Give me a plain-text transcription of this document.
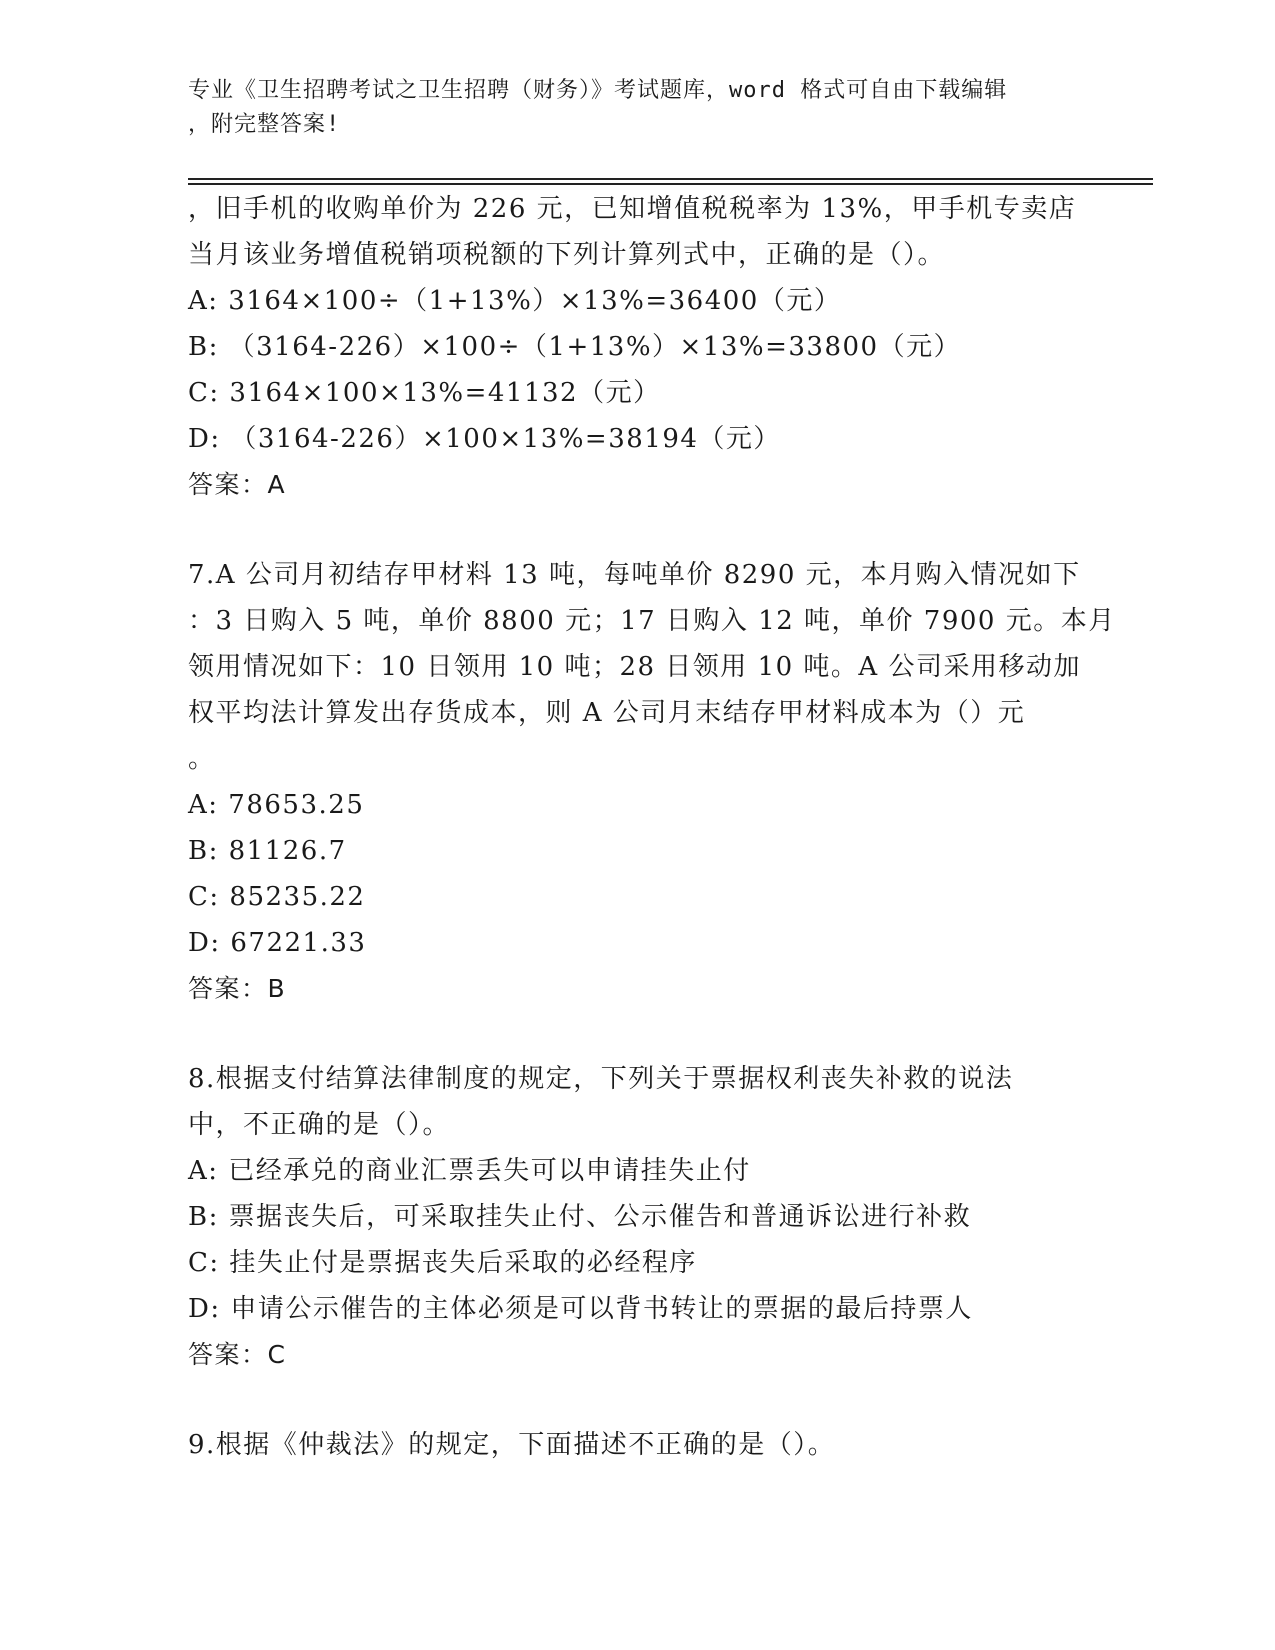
专业《卫生招聘考试之卫生招聘（财务）》考试题库，word 格式可自由下载编辑
，附完整答案!
，旧手机的收购单价为 226 元，已知增值税税率为 13%，甲手机专卖店
当月该业务增值税销项税额的下列计算列式中，正确的是（）。
A: 3164×100÷（1+13%）×13%=36400（元）
B: （3164-226）×100÷（1+13%）×13%=33800（元）
C: 3164×100×13%=41132（元）
D: （3164-226）×100×13%=38194（元）
答案：A
7.A 公司月初结存甲材料 13 吨，每吨单价 8290 元，本月购入情况如下
：3 日购入 5 吨，单价 8800 元；17 日购入 12 吨，单价 7900 元。本月
领用情况如下：10 日领用 10 吨；28 日领用 10 吨。A 公司采用移动加
权平均法计算发出存货成本，则 A 公司月末结存甲材料成本为（）元
。
A: 78653.25
B: 81126.7
C: 85235.22
D: 67221.33
答案：B
8.根据支付结算法律制度的规定，下列关于票据权利丧失补救的说法
中，不正确的是（）。
A: 已经承兑的商业汇票丢失可以申请挂失止付
B: 票据丧失后，可采取挂失止付、公示催告和普通诉讼进行补救
C: 挂失止付是票据丧失后采取的必经程序
D: 申请公示催告的主体必须是可以背书转让的票据的最后持票人
答案：C
9.根据《仲裁法》的规定，下面描述不正确的是（）。
